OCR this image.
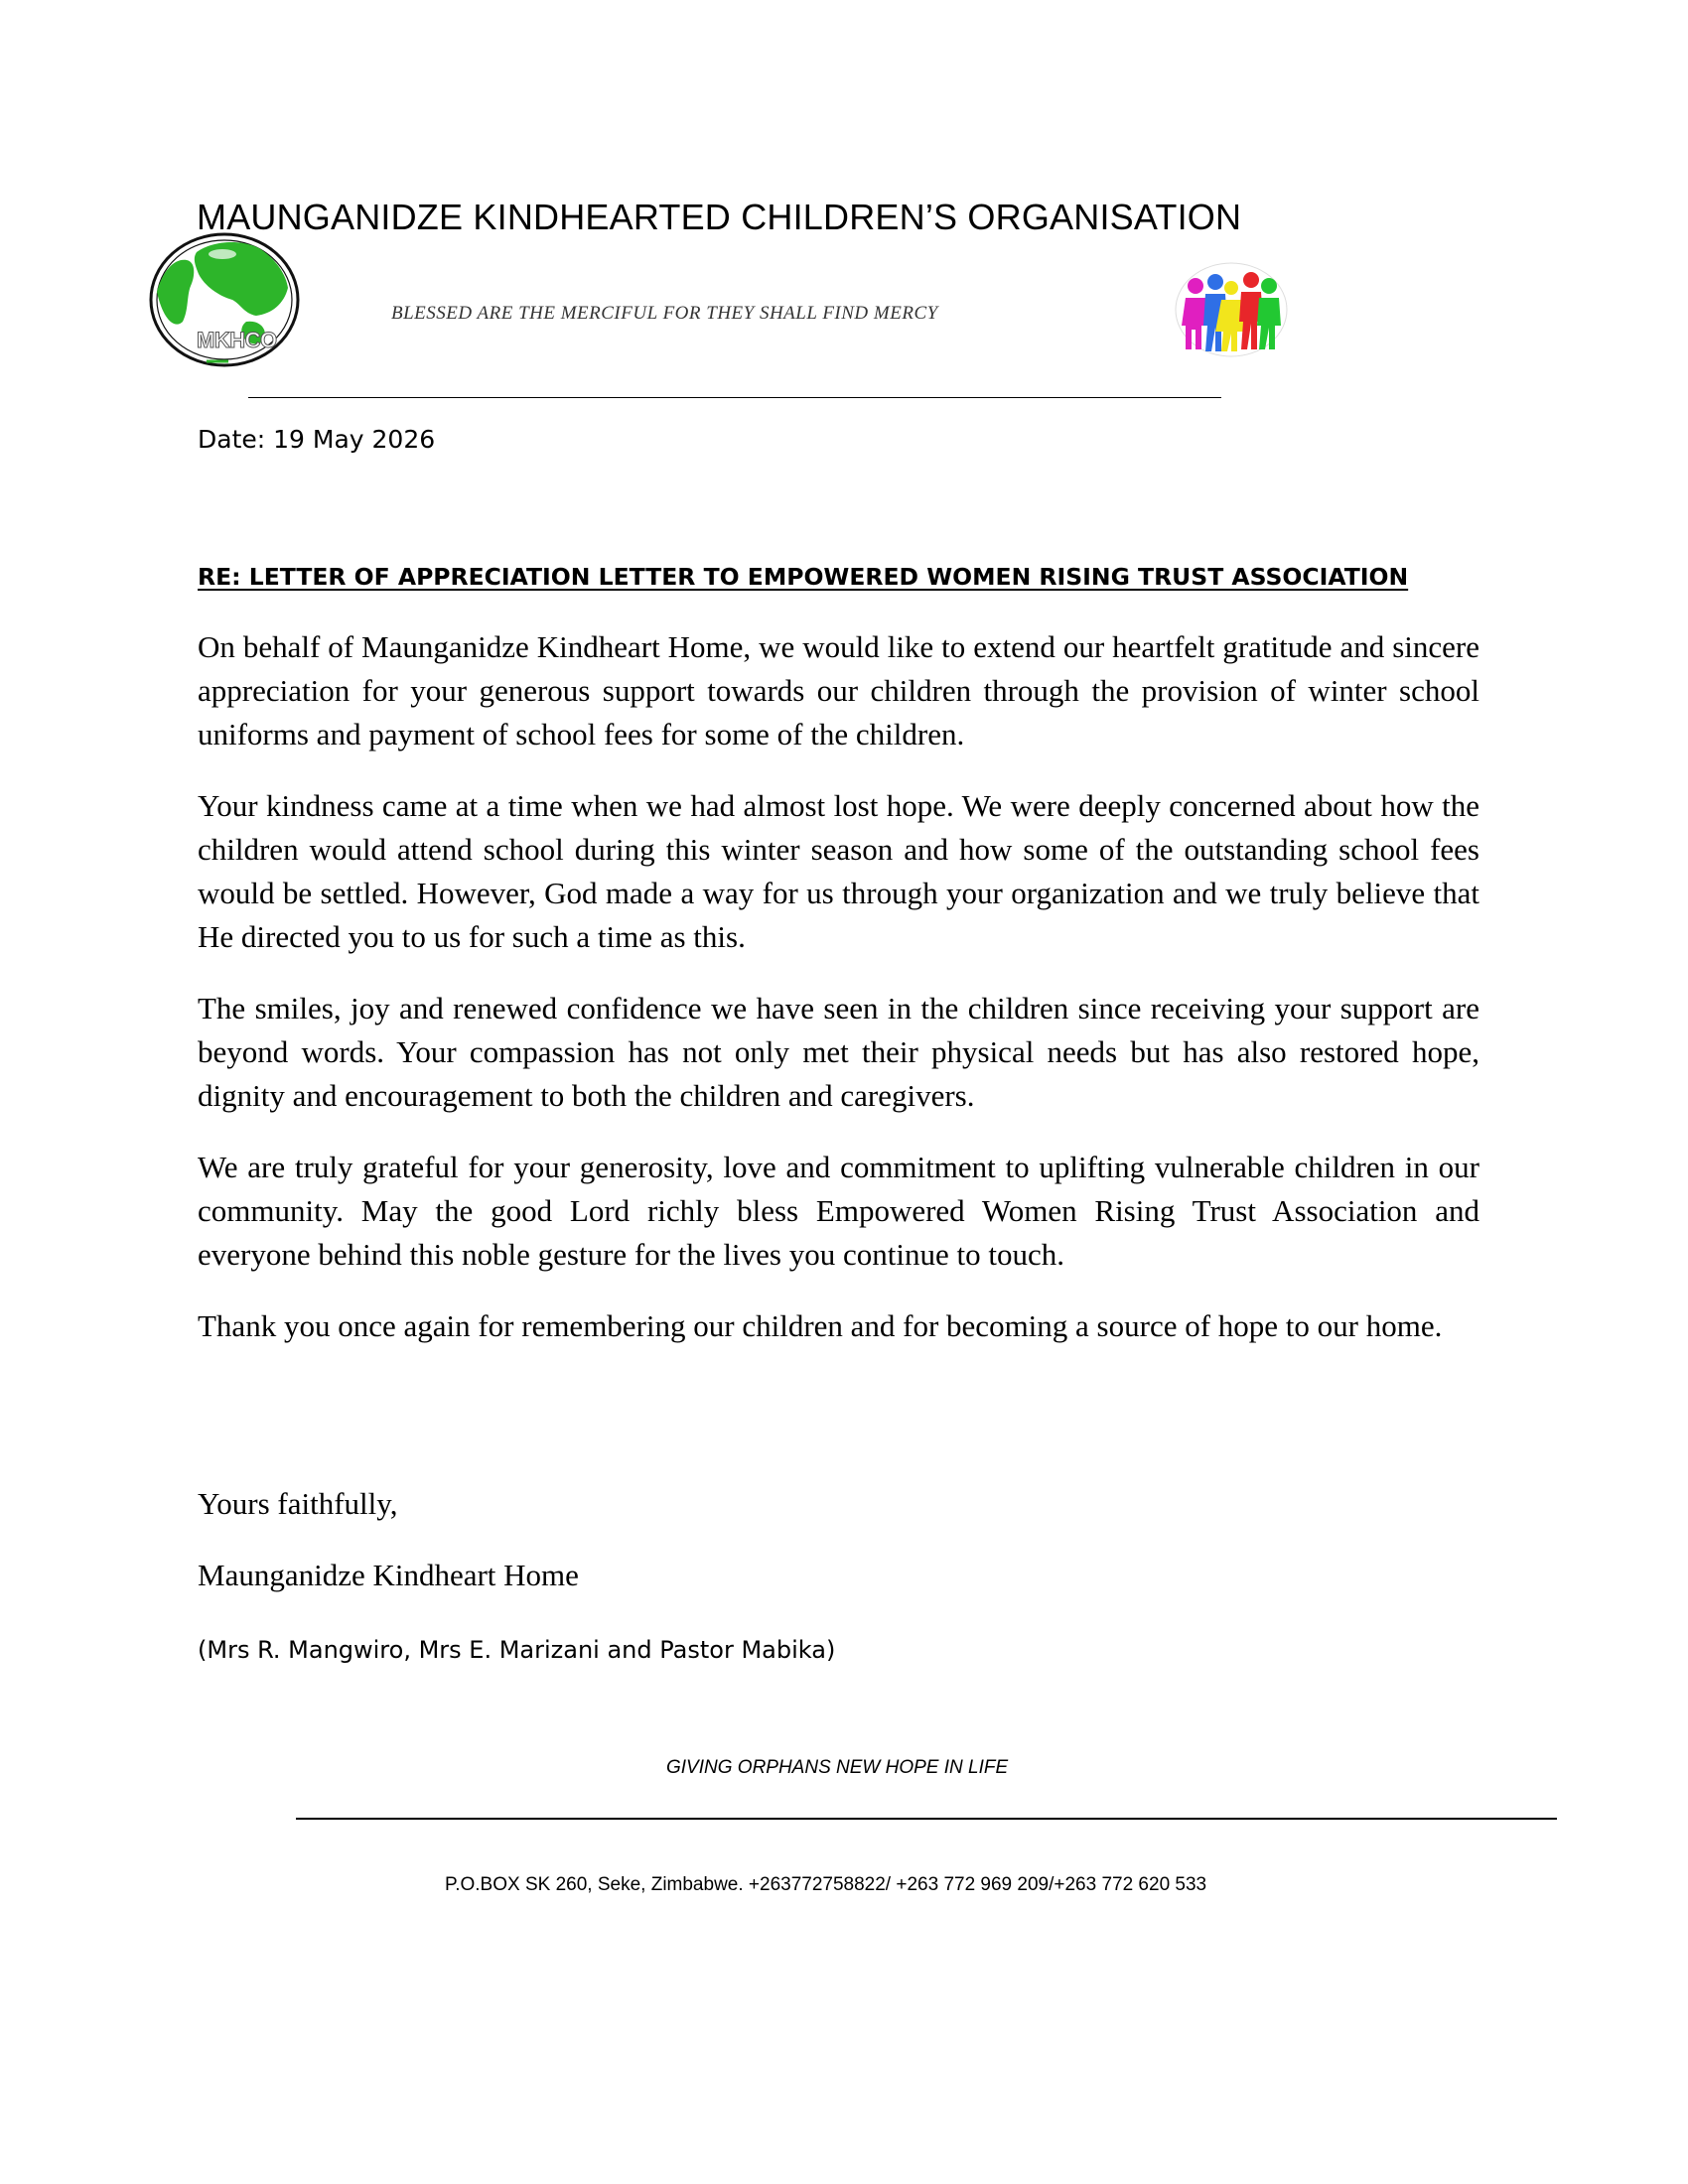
MAUNGANIDZE KINDHEARTED CHILDREN’S ORGANISATION
MKHCO
BLESSED ARE THE MERCIFUL FOR THEY SHALL FIND MERCY
Date: 19 May 2026
RE: LETTER OF APPRECIATION LETTER TO EMPOWERED WOMEN RISING TRUST ASSOCIATION

On behalf of Maunganidze Kindheart Home, we would like to extend our heartfelt gratitude and sincere appreciation for your generous support towards our children through the provision of winter school uniforms and payment of school fees for some of the children.

Your kindness came at a time when we had almost lost hope. We were deeply concerned about how the children would attend school during this winter season and how some of the outstanding school fees would be settled. However, God made a way for us through your organization and we truly believe that He directed you to us for such a time as this.

The smiles, joy and renewed confidence we have seen in the children since receiving your support are beyond words. Your compassion has not only met their physical needs but has also restored hope, dignity and encouragement to both the children and caregivers.

We are truly grateful for your generosity, love and commitment to uplifting vulnerable children in our community. May the good Lord richly bless Empowered Women Rising Trust Association and everyone behind this noble gesture for the lives you continue to touch.

Thank you once again for remembering our children and for becoming a source of hope to our home.

Yours faithfully,
Maunganidze Kindheart Home
(Mrs R. Mangwiro, Mrs E. Marizani and Pastor Mabika)
GIVING ORPHANS NEW HOPE IN LIFE
P.O.BOX SK 260, Seke, Zimbabwe. +263772758822/ +263 772 969 209/+263 772 620 533
